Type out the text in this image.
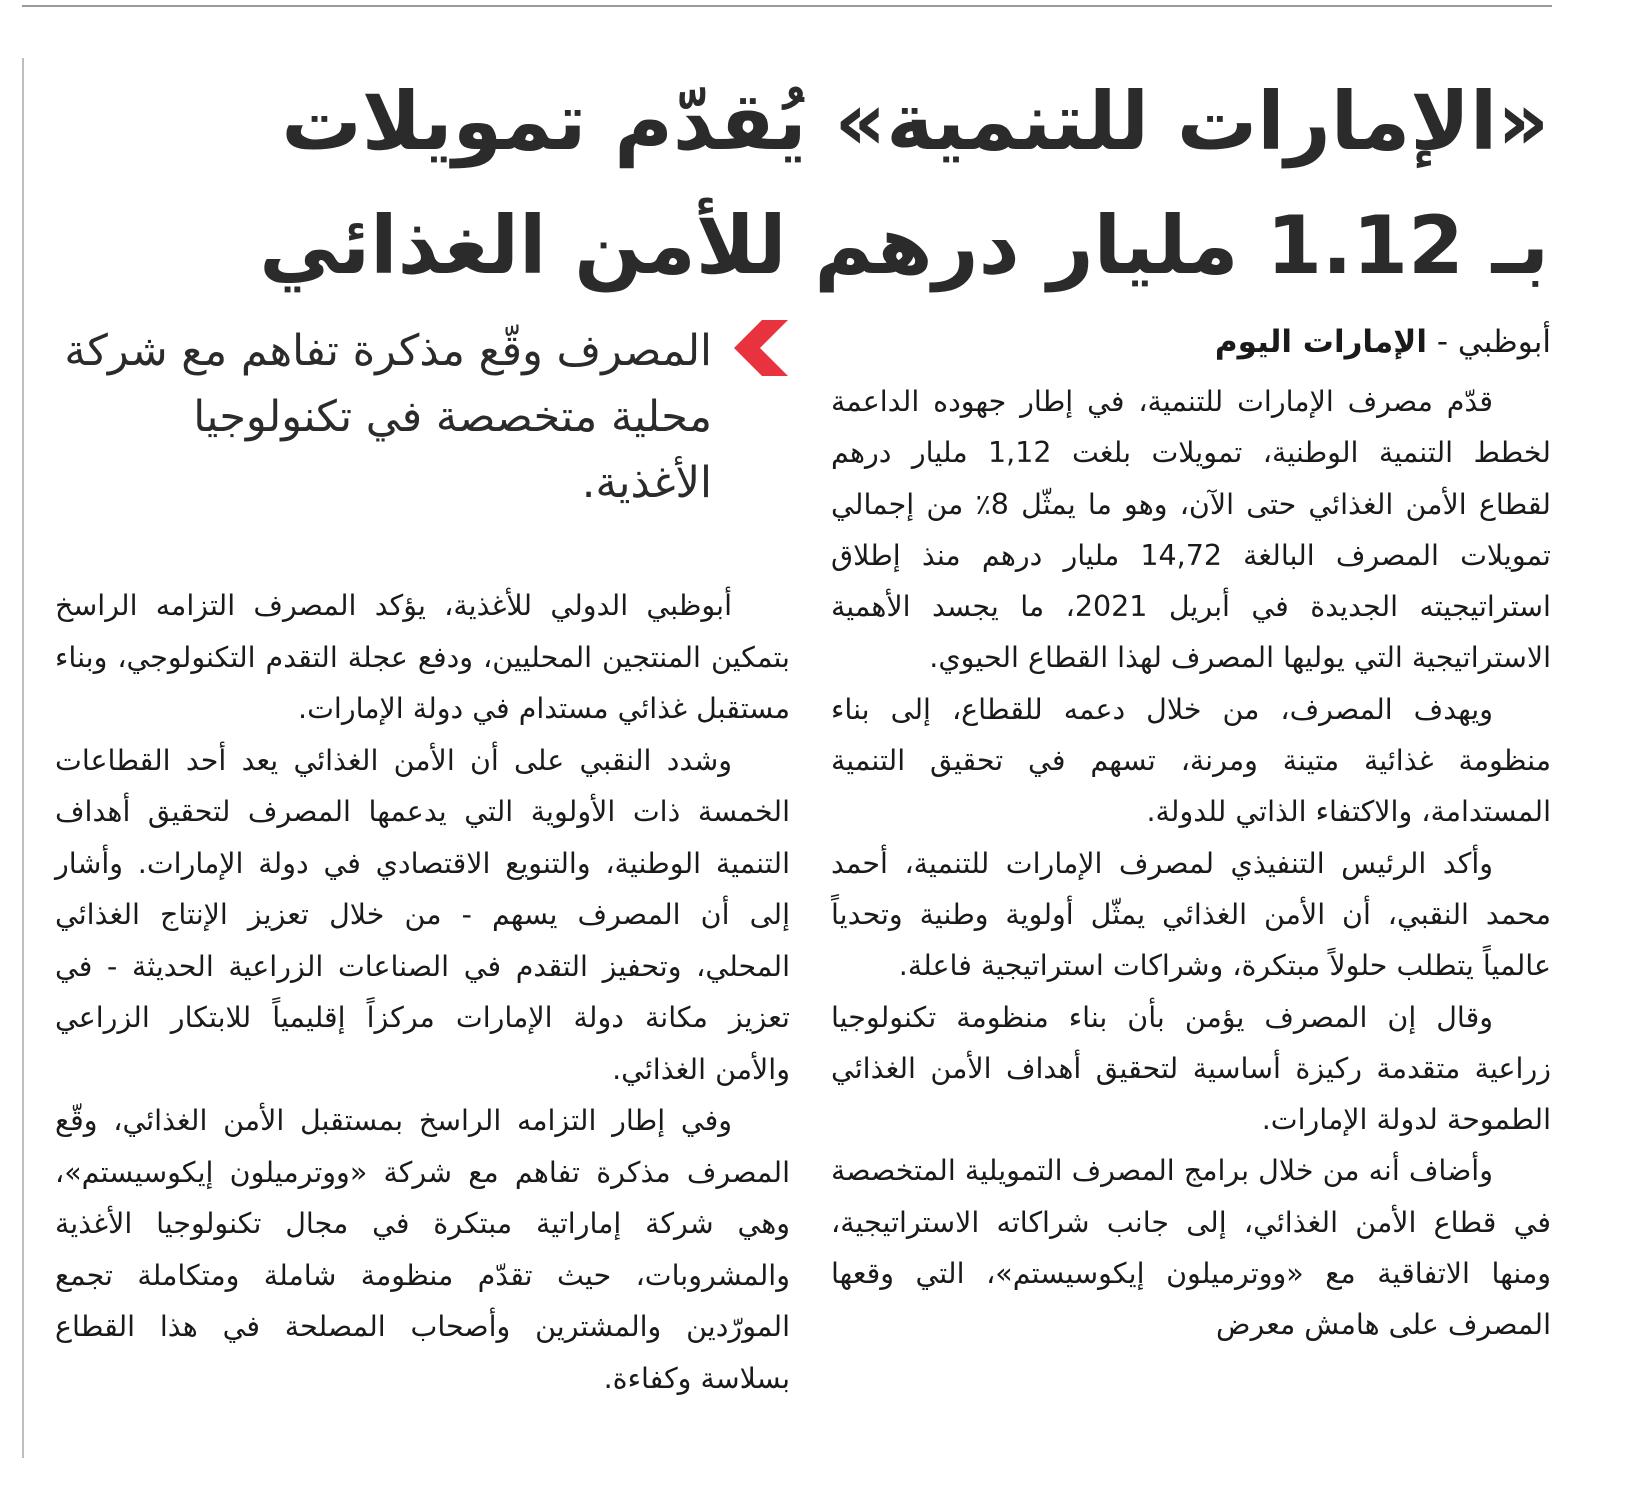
«الإمارات للتنمية» يُقدّم تمويلات
بـ 1.12 مليار درهم للأمن الغذائي

أبوظبي - الإمارات اليوم

قدّم مصرف الإمارات للتنمية، في إطار جهوده الداعمة لخطط التنمية الوطنية، تمويلات بلغت 1,12 مليار درهم لقطاع الأمن الغذائي حتى الآن، وهو ما يمثّل 8٪ من إجمالي تمويلات المصرف البالغة 14,72 مليار درهم منذ إطلاق استراتيجيته الجديدة في أبريل 2021، ما يجسد الأهمية الاستراتيجية التي يوليها المصرف لهذا القطاع الحيوي.

ويهدف المصرف، من خلال دعمه للقطاع، إلى بناء منظومة غذائية متينة ومرنة، تسهم في تحقيق التنمية المستدامة، والاكتفاء الذاتي للدولة.

وأكد الرئيس التنفيذي لمصرف الإمارات للتنمية، أحمد محمد النقبي، أن الأمن الغذائي يمثّل أولوية وطنية وتحدياً عالمياً يتطلب حلولاً مبتكرة، وشراكات استراتيجية فاعلة.

وقال إن المصرف يؤمن بأن بناء منظومة تكنولوجيا زراعية متقدمة ركيزة أساسية لتحقيق أهداف الأمن الغذائي الطموحة لدولة الإمارات.

وأضاف أنه من خلال برامج المصرف التمويلية المتخصصة في قطاع الأمن الغذائي، إلى جانب شراكاته الاستراتيجية، ومنها الاتفاقية مع «ووترميلون إيكوسيستم»، التي وقعها المصرف على هامش معرض

المصرف وقّع مذكرة تفاهم مع شركة محلية متخصصة في تكنولوجيا الأغذية.

أبوظبي الدولي للأغذية، يؤكد المصرف التزامه الراسخ بتمكين المنتجين المحليين، ودفع عجلة التقدم التكنولوجي، وبناء مستقبل غذائي مستدام في دولة الإمارات.

وشدد النقبي على أن الأمن الغذائي يعد أحد القطاعات الخمسة ذات الأولوية التي يدعمها المصرف لتحقيق أهداف التنمية الوطنية، والتنويع الاقتصادي في دولة الإمارات. وأشار إلى أن المصرف يسهم - من خلال تعزيز الإنتاج الغذائي المحلي، وتحفيز التقدم في الصناعات الزراعية الحديثة - في تعزيز مكانة دولة الإمارات مركزاً إقليمياً للابتكار الزراعي والأمن الغذائي.

وفي إطار التزامه الراسخ بمستقبل الأمن الغذائي، وقّع المصرف مذكرة تفاهم مع شركة «ووترميلون إيكوسيستم»، وهي شركة إماراتية مبتكرة في مجال تكنولوجيا الأغذية والمشروبات، حيث تقدّم منظومة شاملة ومتكاملة تجمع المورّدين والمشترين وأصحاب المصلحة في هذا القطاع بسلاسة وكفاءة.
